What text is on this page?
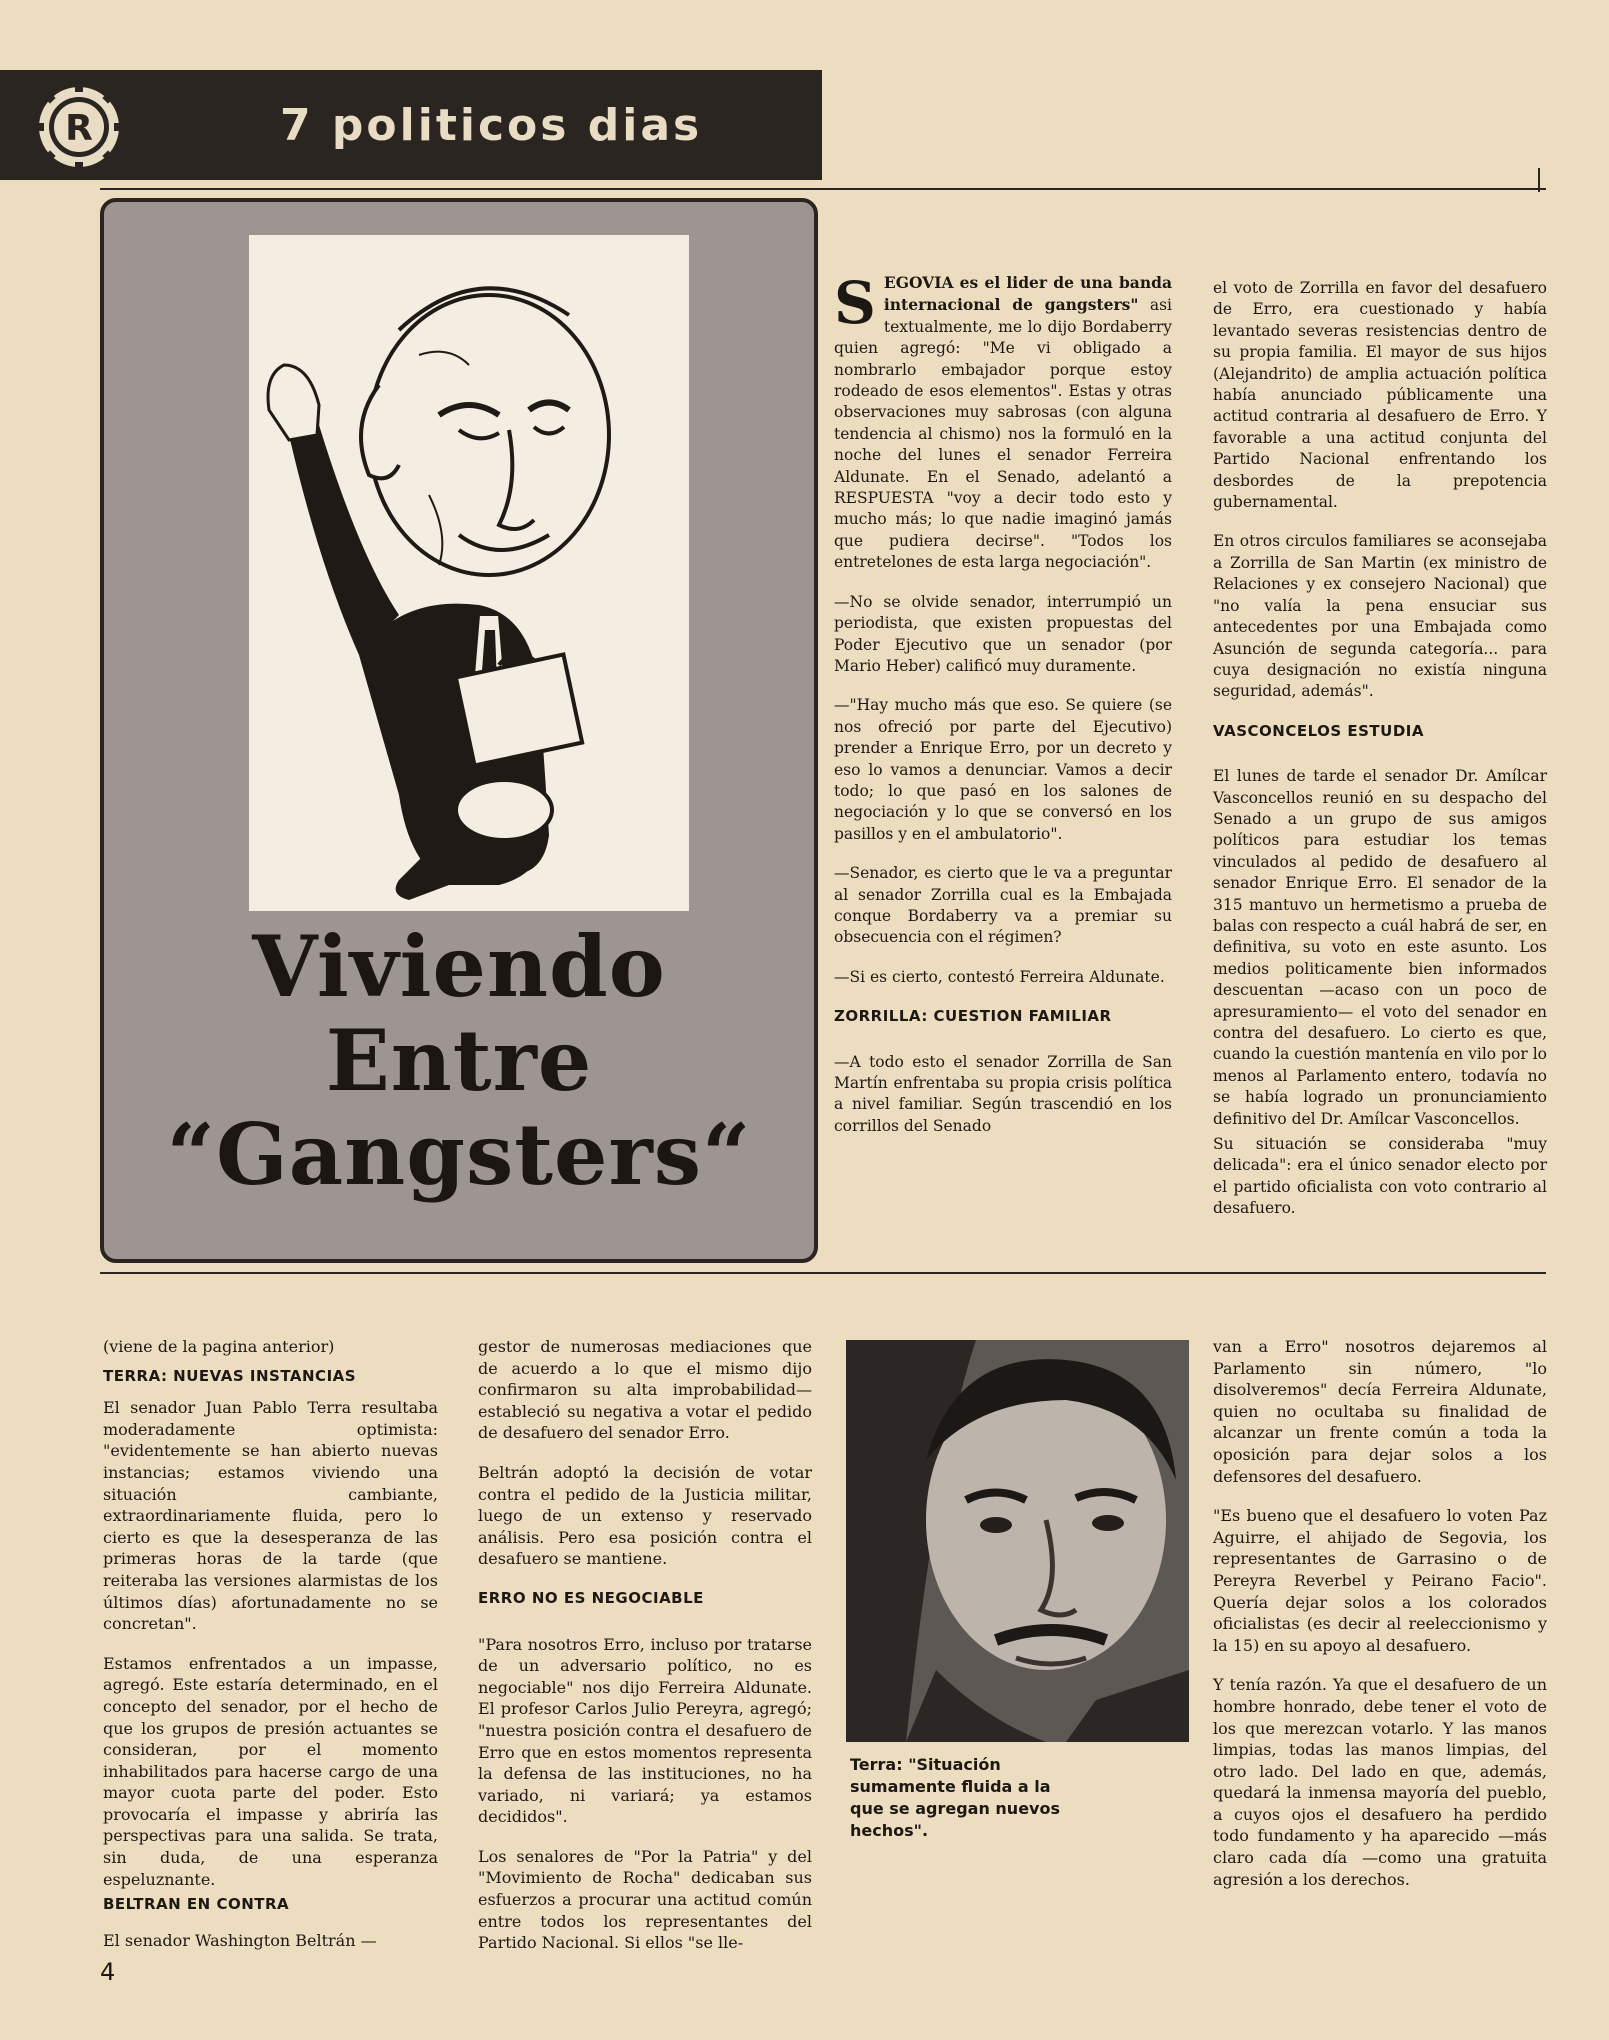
R	7 politicos dias
Viviendo
Entre
“Gangsters“

S EGOVIA es el lider de una banda internacional de gangsters" asi textualmente, me lo dijo Bordaberry quien agregó: "Me vi obligado a nombrarlo embajador porque estoy rodeado de esos elementos". Estas y otras observaciones muy sabrosas (con alguna tendencia al chismo) nos la formuló en la noche del lunes el senador Ferreira Aldunate. En el Senado, adelantó a RESPUESTA "voy a decir todo esto y mucho más; lo que nadie imaginó jamás que pudiera decirse". "Todos los entretelones de esta larga negociación".

—No se olvide senador, interrumpió un periodista, que existen propuestas del Poder Ejecutivo que un senador (por Mario Heber) calificó muy duramente.

—"Hay mucho más que eso. Se quiere (se nos ofreció por parte del Ejecutivo) prender a Enrique Erro, por un decreto y eso lo vamos a denunciar. Vamos a decir todo; lo que pasó en los salones de negociación y lo que se conversó en los pasillos y en el ambulatorio".

—Senador, es cierto que le va a preguntar al senador Zorrilla cual es la Embajada conque Bordaberry va a premiar su obsecuencia con el régimen?

—Si es cierto, contestó Ferreira Aldunate.

ZORRILLA: CUESTION FAMILIAR

—A todo esto el senador Zorrilla de San Martín enfrentaba su propia crisis política a nivel familiar. Según trascendió en los corrillos del Senado

el voto de Zorrilla en favor del desafuero de Erro, era cuestionado y había levantado severas resistencias dentro de su propia familia. El mayor de sus hijos (Alejandrito) de amplia actuación política había anunciado públicamente una actitud contraria al desafuero de Erro. Y favorable a una actitud conjunta del Partido Nacional enfrentando los desbordes de la prepotencia gubernamental.

En otros circulos familiares se aconsejaba a Zorrilla de San Martin (ex ministro de Relaciones y ex consejero Nacional) que "no valía la pena ensuciar sus antecedentes por una Embajada como Asunción de segunda categoría... para cuya designación no existía ninguna seguridad, además".

VASCONCELOS ESTUDIA

El lunes de tarde el senador Dr. Amílcar Vasconcellos reunió en su despacho del Senado a un grupo de sus amigos políticos para estudiar los temas vinculados al pedido de desafuero al senador Enrique Erro. El senador de la 315 mantuvo un hermetismo a prueba de balas con respecto a cuál habrá de ser, en definitiva, su voto en este asunto. Los medios politicamente bien informados descuentan —acaso con un poco de apresuramiento— el voto del senador en contra del desafuero. Lo cierto es que, cuando la cuestión mantenía en vilo por lo menos al Parlamento entero, todavía no se había logrado un pronunciamiento definitivo del Dr. Amílcar Vasconcellos.

Su situación se consideraba "muy delicada": era el único senador electo por el partido oficialista con voto contrario al desafuero.

(viene de la pagina anterior)

TERRA: NUEVAS INSTANCIAS

El senador Juan Pablo Terra resultaba moderadamente optimista: "evidentemente se han abierto nuevas instancias; estamos viviendo una situación cambiante, extraordinariamente fluida, pero lo cierto es que la desesperanza de las primeras horas de la tarde (que reiteraba las versiones alarmistas de los últimos días) afortunadamente no se concretan".

Estamos enfrentados a un impasse, agregó. Este estaría determinado, en el concepto del senador, por el hecho de que los grupos de presión actuantes se consideran, por el momento inhabilitados para hacerse cargo de una mayor cuota parte del poder. Esto provocaría el impasse y abriría las perspectivas para una salida. Se trata, sin duda, de una esperanza espeluznante.

BELTRAN EN CONTRA

El senador Washington Beltrán —

gestor de numerosas mediaciones que de acuerdo a lo que el mismo dijo confirmaron su alta improbabilidad— estableció su negativa a votar el pedido de desafuero del senador Erro.

Beltrán adoptó la decisión de votar contra el pedido de la Justicia militar, luego de un extenso y reservado análisis. Pero esa posición contra el desafuero se mantiene.

ERRO NO ES NEGOCIABLE

"Para nosotros Erro, incluso por tratarse de un adversario político, no es negociable" nos dijo Ferreira Aldunate. El profesor Carlos Julio Pereyra, agregó; "nuestra posición contra el desafuero de Erro que en estos momentos representa la defensa de las instituciones, no ha variado, ni variará; ya estamos decididos".

Los senalores de "Por la Patria" y del "Movimiento de Rocha" dedicaban sus esfuerzos a procurar una actitud común entre todos los representantes del Partido Nacional. Si ellos "se lle-

Terra: "Situación sumamente fluida a la que se agregan nuevos hechos".

van a Erro" nosotros dejaremos al Parlamento sin número, "lo disolveremos" decía Ferreira Aldunate, quien no ocultaba su finalidad de alcanzar un frente común a toda la oposición para dejar solos a los defensores del desafuero.

"Es bueno que el desafuero lo voten Paz Aguirre, el ahijado de Segovia, los representantes de Garrasino o de Pereyra Reverbel y Peirano Facio". Quería dejar solos a los colorados oficialistas (es decir al reeleccionismo y la 15) en su apoyo al desafuero.

Y tenía razón. Ya que el desafuero de un hombre honrado, debe tener el voto de los que merezcan votarlo. Y las manos limpias, todas las manos limpias, del otro lado. Del lado en que, además, quedará la inmensa mayoría del pueblo, a cuyos ojos el desafuero ha perdido todo fundamento y ha aparecido —más claro cada día —como una gratuita agresión a los derechos.

4
